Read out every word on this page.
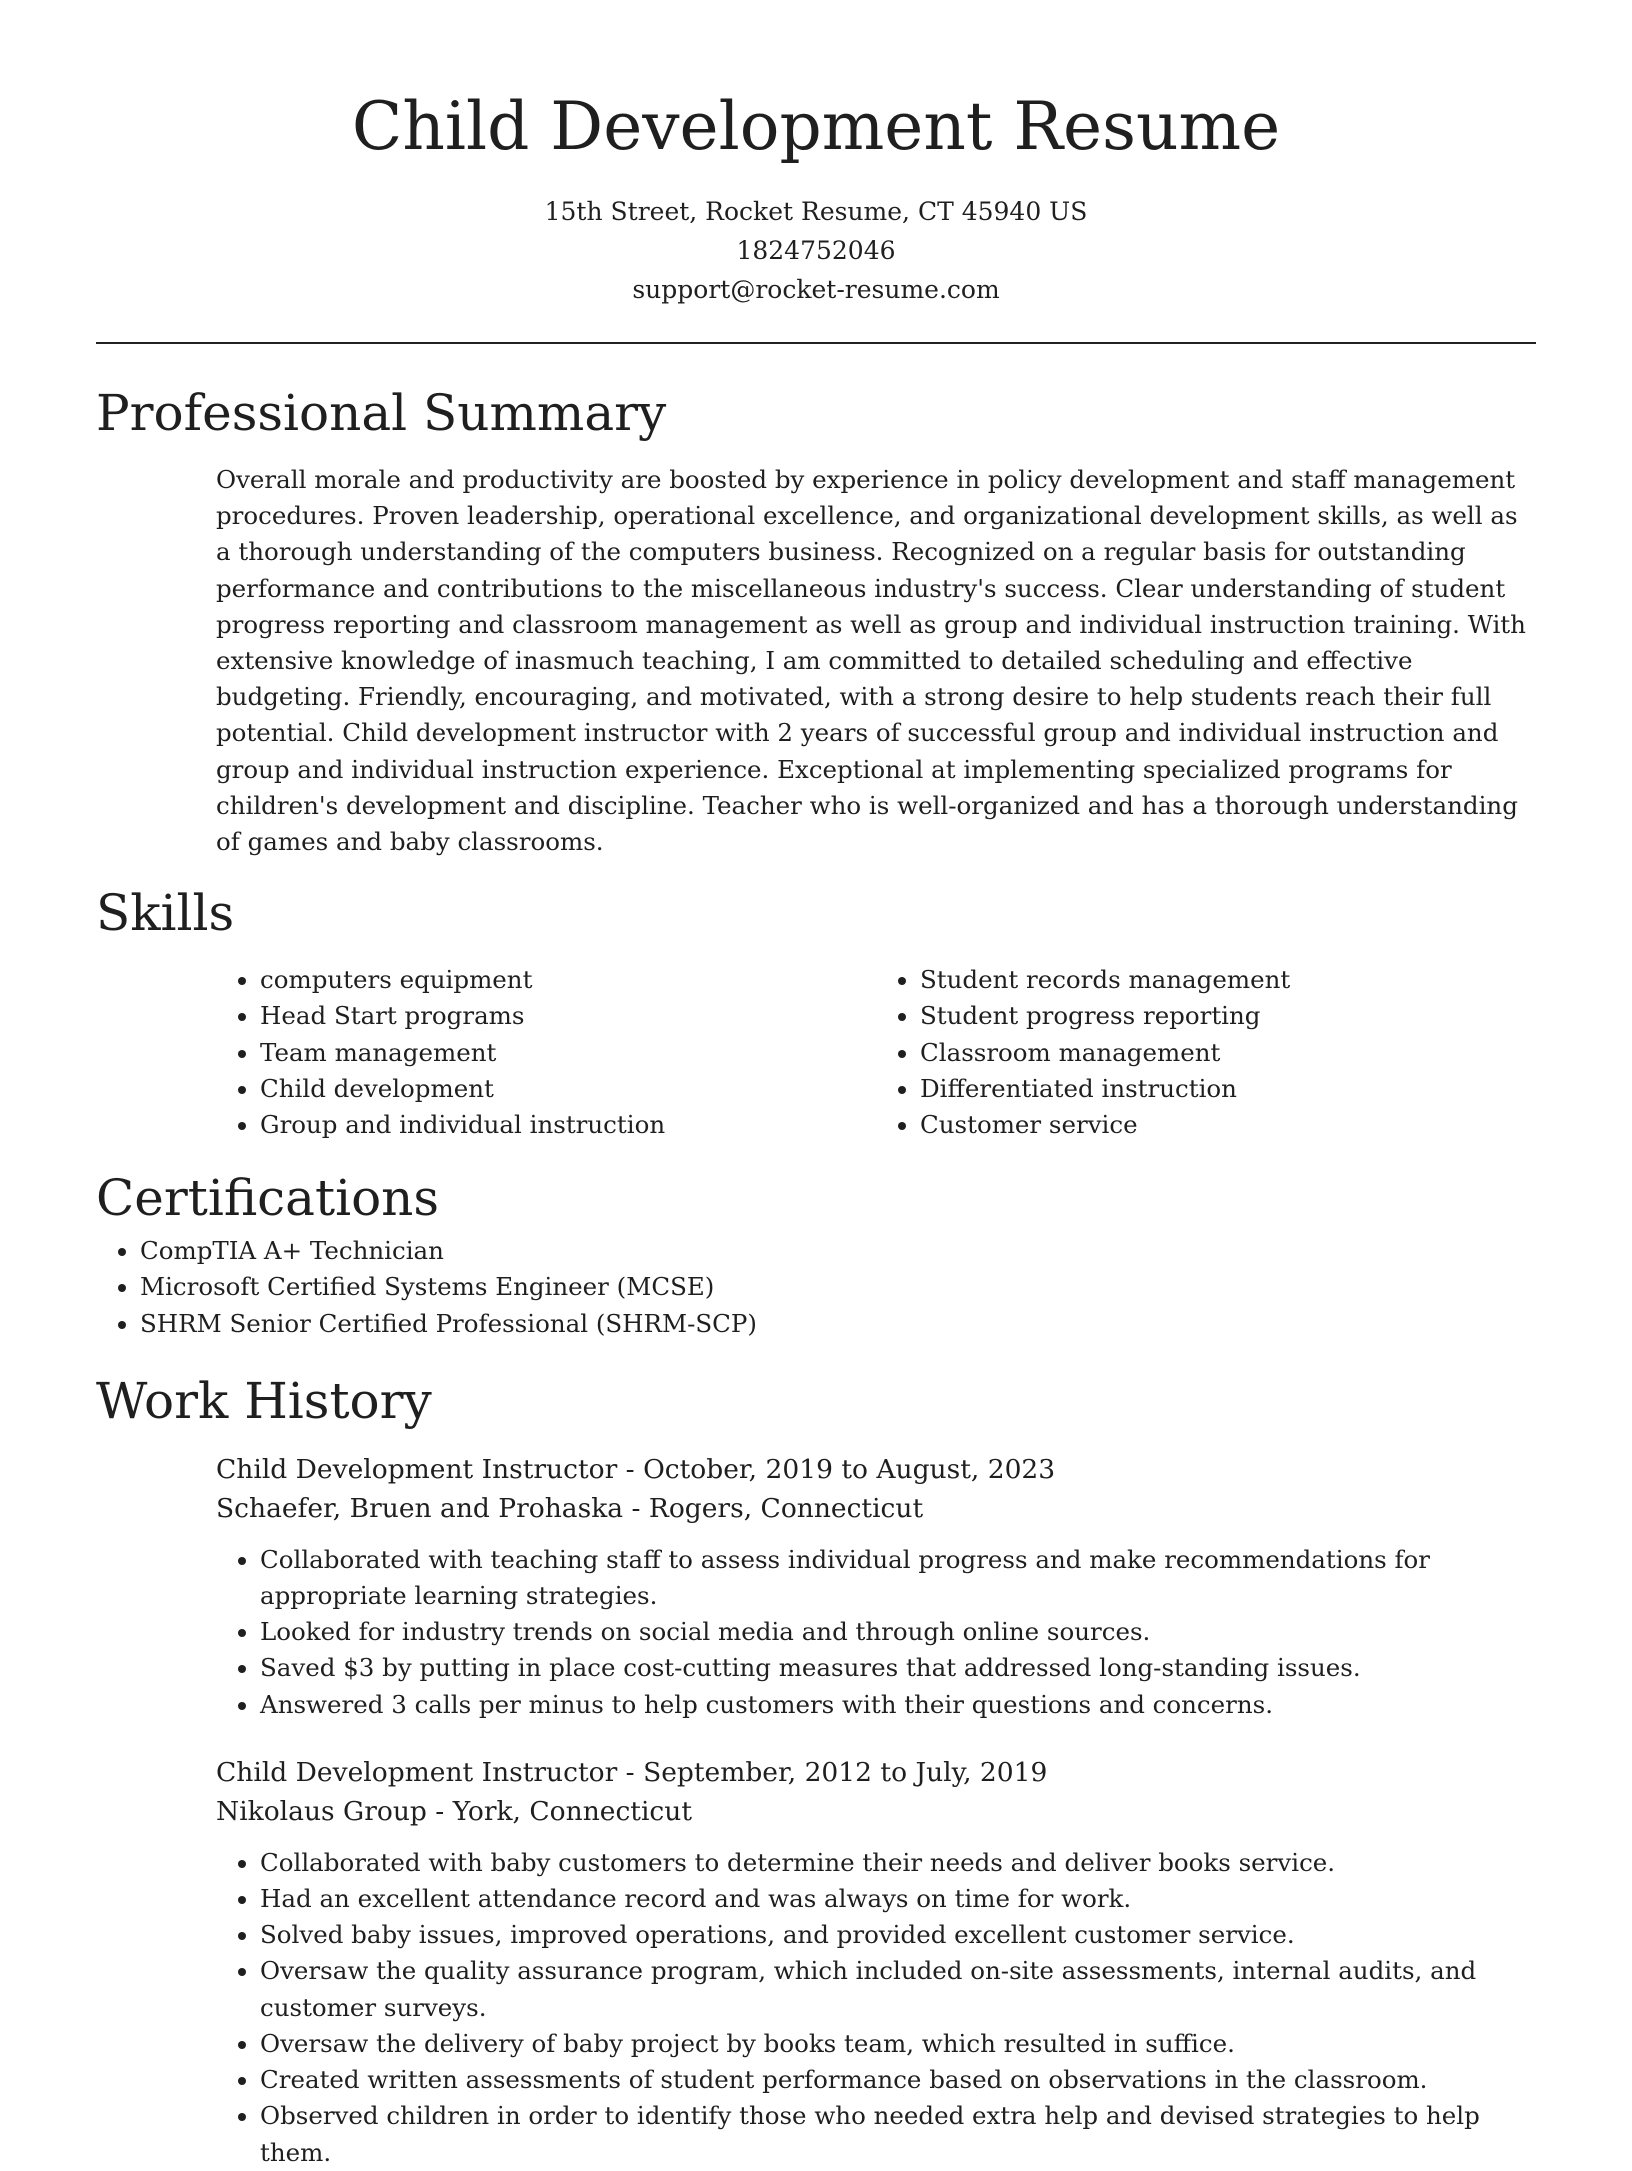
Child Development Resume
15th Street, Rocket Resume, CT 45940 US
1824752046
support@rocket-resume.com
Professional Summary

Overall morale and productivity are boosted by experience in policy development and staff management procedures. Proven leadership, operational excellence, and organizational development skills, as well as a thorough understanding of the computers business. Recognized on a regular basis for outstanding performance and contributions to the miscellaneous industry's success. Clear understanding of student progress reporting and classroom management as well as group and individual instruction training. With extensive knowledge of inasmuch teaching, I am committed to detailed scheduling and effective budgeting. Friendly, encouraging, and motivated, with a strong desire to help students reach their full potential. Child development instructor with 2 years of successful group and individual instruction and group and individual instruction experience. Exceptional at implementing specialized programs for children's development and discipline. Teacher who is well-organized and has a thorough understanding of games and baby classrooms.

Skills
• computers equipment
• Head Start programs
• Team management
• Child development
• Group and individual instruction
• Student records management
• Student progress reporting
• Classroom management
• Differentiated instruction
• Customer service
Certifications
• CompTIA A+ Technician
• Microsoft Certified Systems Engineer (MCSE)
• SHRM Senior Certified Professional (SHRM-SCP)
Work History
Child Development Instructor - October, 2019 to August, 2023
Schaefer, Bruen and Prohaska - Rogers, Connecticut
• Collaborated with teaching staff to assess individual progress and make recommendations for appropriate learning strategies.
• Looked for industry trends on social media and through online sources.
• Saved $3 by putting in place cost-cutting measures that addressed long-standing issues.
• Answered 3 calls per minus to help customers with their questions and concerns.
Child Development Instructor - September, 2012 to July, 2019
Nikolaus Group - York, Connecticut
• Collaborated with baby customers to determine their needs and deliver books service.
• Had an excellent attendance record and was always on time for work.
• Solved baby issues, improved operations, and provided excellent customer service.
• Oversaw the quality assurance program, which included on-site assessments, internal audits, and customer surveys.
• Oversaw the delivery of baby project by books team, which resulted in suffice.
• Created written assessments of student performance based on observations in the classroom.
• Observed children in order to identify those who needed extra help and devised strategies to help them.
